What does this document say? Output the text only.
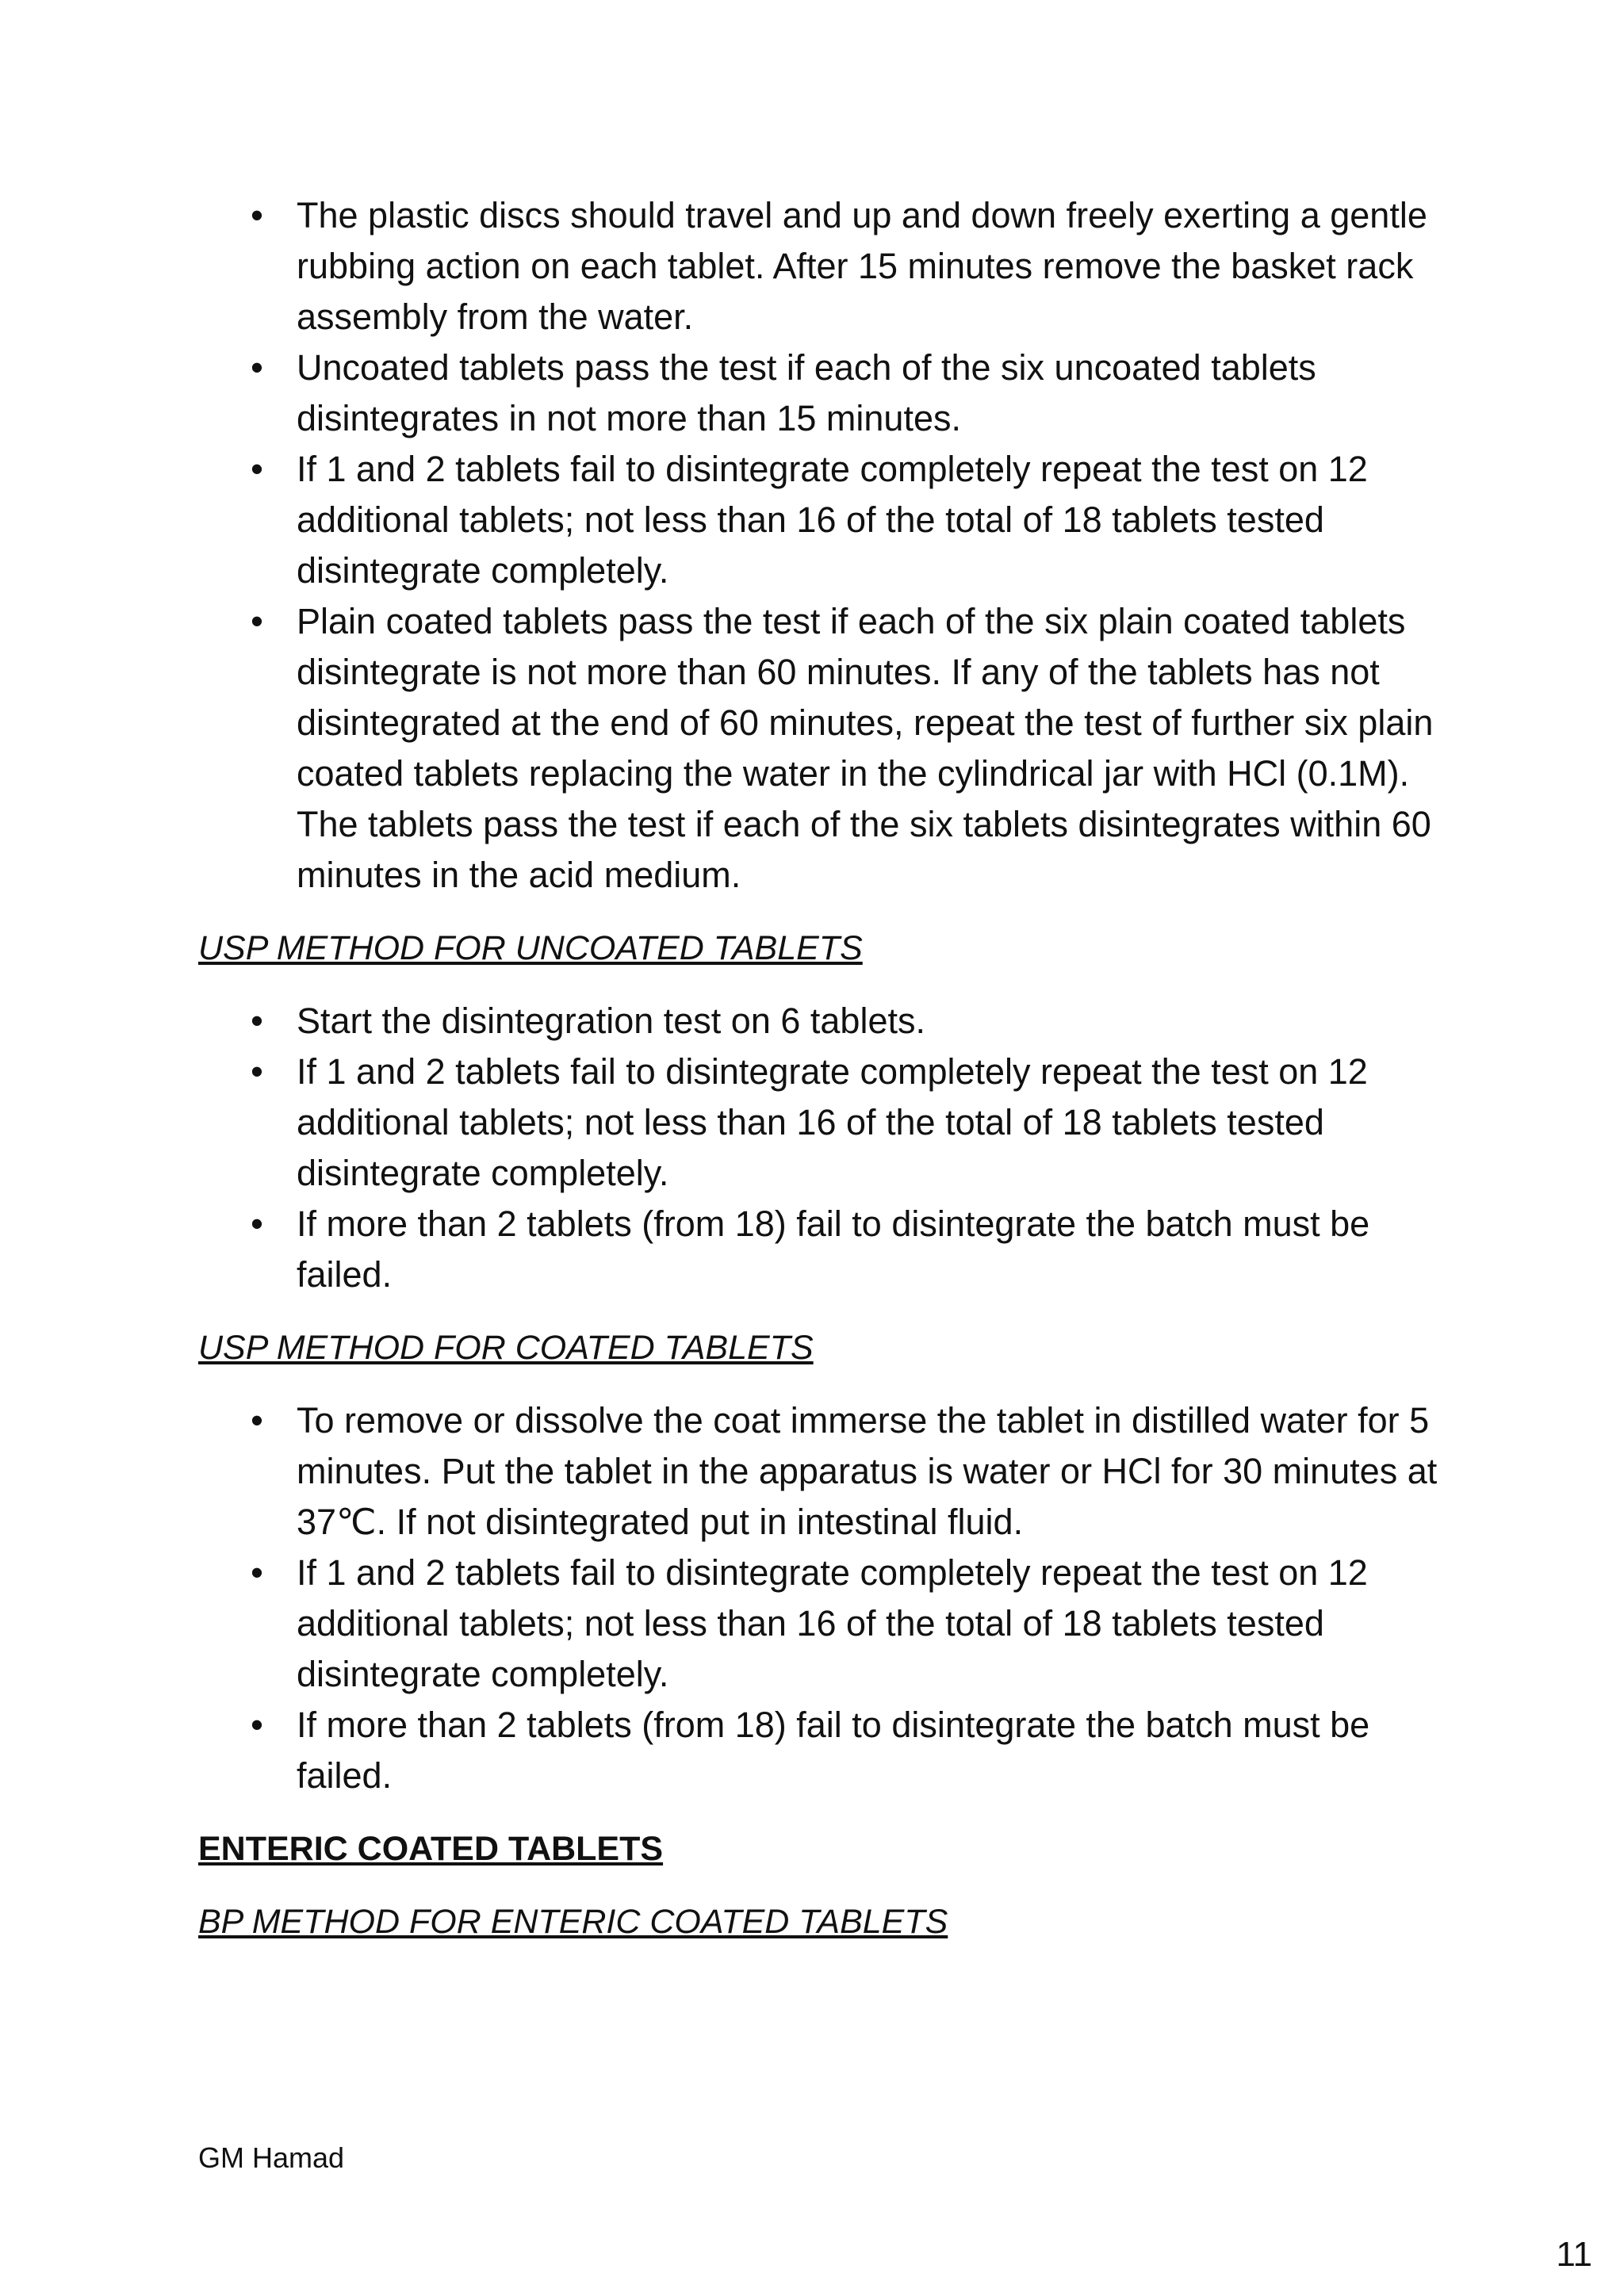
• The plastic discs should travel and up and down freely exerting a gentle rubbing action on each tablet. After 15 minutes remove the basket rack assembly from the water.
• Uncoated tablets pass the test if each of the six uncoated tablets disintegrates in not more than 15 minutes.
• If 1 and 2 tablets fail to disintegrate completely repeat the test on 12 additional tablets; not less than 16 of the total of 18 tablets tested disintegrate completely.
• Plain coated tablets pass the test if each of the six plain coated tablets disintegrate is not more than 60 minutes. If any of the tablets has not disintegrated at the end of 60 minutes, repeat the test of further six plain coated tablets replacing the water in the cylindrical jar with HCl (0.1M). The tablets pass the test if each of the six tablets disintegrates within 60 minutes in the acid medium.

USP METHOD FOR UNCOATED TABLETS

• Start the disintegration test on 6 tablets.
• If 1 and 2 tablets fail to disintegrate completely repeat the test on 12 additional tablets; not less than 16 of the total of 18 tablets tested disintegrate completely.
• If more than 2 tablets (from 18) fail to disintegrate the batch must be failed.

USP METHOD FOR COATED TABLETS

• To remove or dissolve the coat immerse the tablet in distilled water for 5 minutes. Put the tablet in the apparatus is water or HCl for 30 minutes at 37℃. If not disintegrated put in intestinal fluid.
• If 1 and 2 tablets fail to disintegrate completely repeat the test on 12 additional tablets; not less than 16 of the total of 18 tablets tested disintegrate completely.
• If more than 2 tablets (from 18) fail to disintegrate the batch must be failed.

ENTERIC COATED TABLETS

BP METHOD FOR ENTERIC COATED TABLETS

GM Hamad
11
